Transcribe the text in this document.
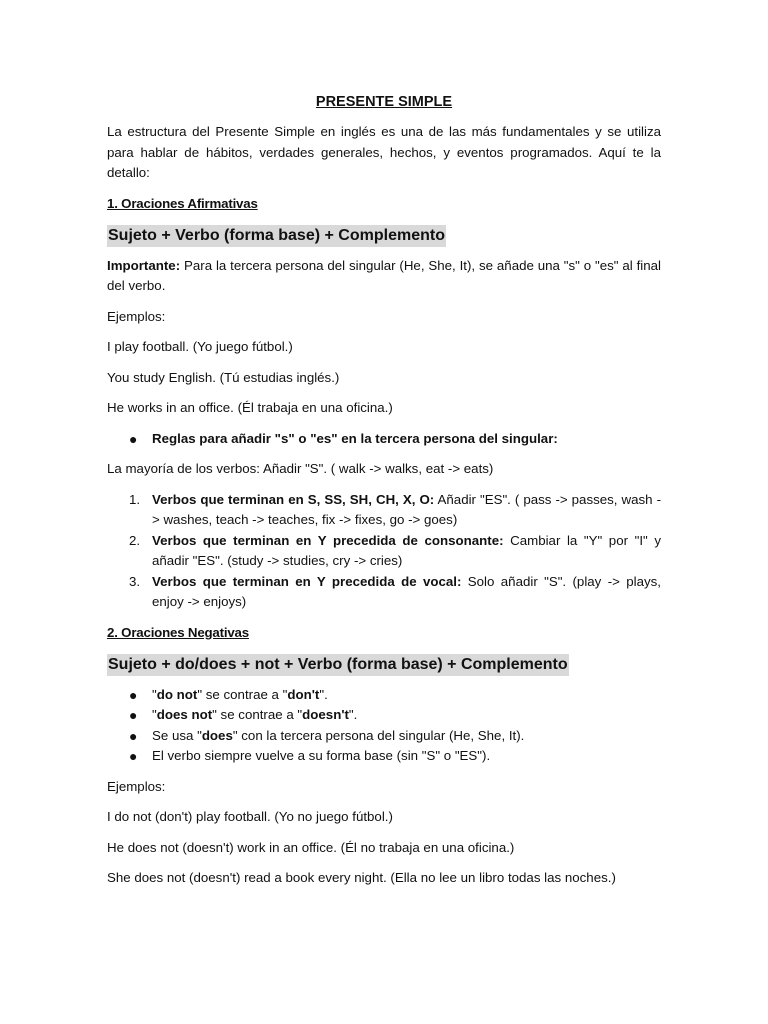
PRESENTE SIMPLE

La estructura del Presente Simple en inglés es una de las más fundamentales y se utiliza para hablar de hábitos, verdades generales, hechos, y eventos programados. Aquí te la detallo:

1. Oraciones Afirmativas

Sujeto + Verbo (forma base) + Complemento

Importante: Para la tercera persona del singular (He, She, It), se añade una "s" o "es" al final del verbo.

Ejemplos:

I play football. (Yo juego fútbol.)

You study English. (Tú estudias inglés.)

He works in an office. (Él trabaja en una oficina.)

● Reglas para añadir "s" o "es" en la tercera persona del singular:

La mayoría de los verbos: Añadir "S". ( walk -> walks, eat -> eats)

1. Verbos que terminan en S, SS, SH, CH, X, O: Añadir "ES". ( pass -> passes, wash -> washes, teach -> teaches, fix -> fixes, go -> goes)
2. Verbos que terminan en Y precedida de consonante: Cambiar la "Y" por "I" y añadir "ES". (study -> studies, cry -> cries)
3. Verbos que terminan en Y precedida de vocal: Solo añadir "S". (play -> plays, enjoy -> enjoys)

2. Oraciones Negativas

Sujeto + do/does + not + Verbo (forma base) + Complemento
● "do not" se contrae a "don't".
● "does not" se contrae a "doesn't".
● Se usa "does" con la tercera persona del singular (He, She, It).
● El verbo siempre vuelve a su forma base (sin "S" o "ES").

Ejemplos:

I do not (don't) play football. (Yo no juego fútbol.)

He does not (doesn't) work in an office. (Él no trabaja en una oficina.)

She does not (doesn't) read a book every night. (Ella no lee un libro todas las noches.)
